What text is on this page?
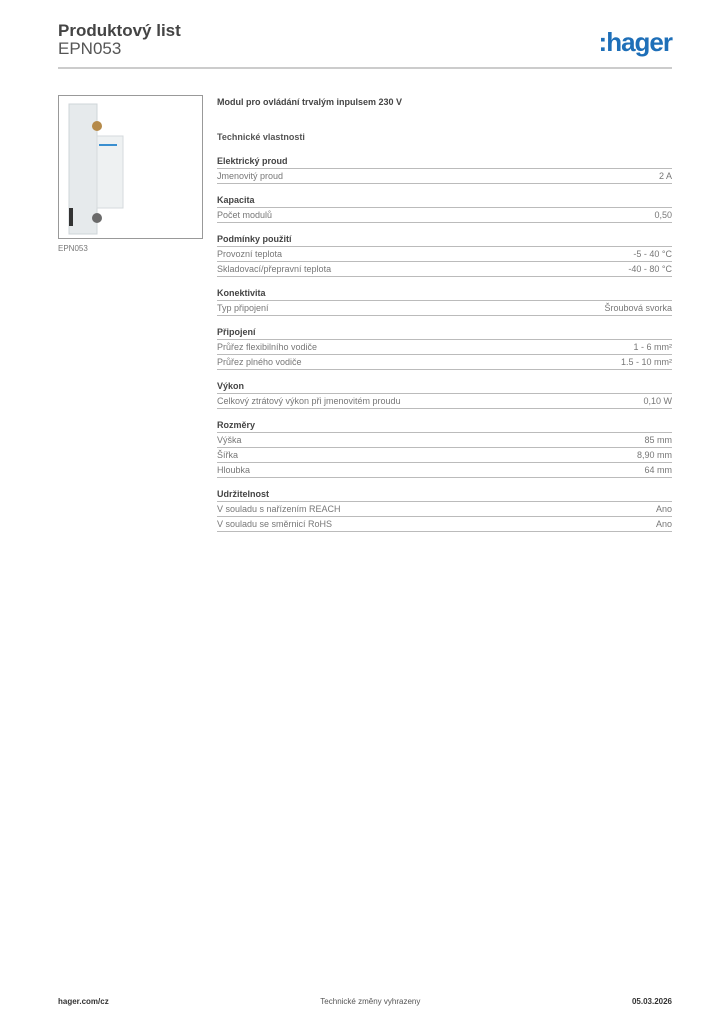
Produktový list
EPN053	:hager
EPN053
Modul pro ovládání trvalým inpulsem 230 V
Technické vlastnosti
Elektrický proud
Jmenovitý proud	2 A
Kapacita
Počet modulů	0,50
Podmínky použití
Provozní teplota	-5 - 40 °C
Skladovací/přepravní teplota	-40 - 80 °C
Konektivita
Typ připojení	Šroubová svorka
Připojení
Průřez flexibilního vodiče	1 - 6 mm²
Průřez plného vodiče	1.5 - 10 mm²
Výkon
Celkový ztrátový výkon při jmenovitém proudu	0,10 W
Rozměry
Výška	85 mm
Šířka	8,90 mm
Hloubka	64 mm
Udržitelnost
V souladu s nařízením REACH	Ano
V souladu se směrnicí RoHS	Ano
hager.com/cz	Technické změny vyhrazeny	05.03.2026
